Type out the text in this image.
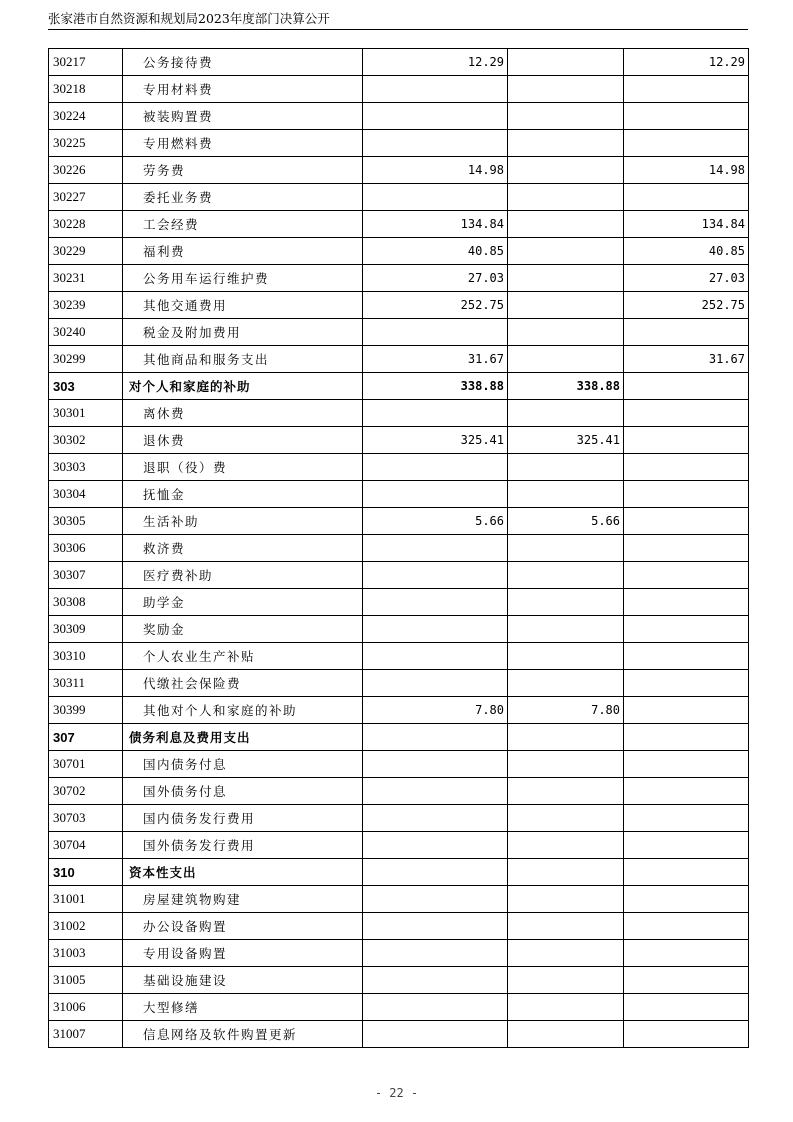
张家港市自然资源和规划局2023年度部门决算公开
30217	公务接待费	12.29		12.29
30218	专用材料费			
30224	被装购置费			
30225	专用燃料费			
30226	劳务费	14.98		14.98
30227	委托业务费			
30228	工会经费	134.84		134.84
30229	福利费	40.85		40.85
30231	公务用车运行维护费	27.03		27.03
30239	其他交通费用	252.75		252.75
30240	税金及附加费用			
30299	其他商品和服务支出	31.67		31.67
303	对个人和家庭的补助	338.88	338.88	
30301	离休费			
30302	退休费	325.41	325.41	
30303	退职（役）费			
30304	抚恤金			
30305	生活补助	5.66	5.66	
30306	救济费			
30307	医疗费补助			
30308	助学金			
30309	奖励金			
30310	个人农业生产补贴			
30311	代缴社会保险费			
30399	其他对个人和家庭的补助	7.80	7.80	
307	债务利息及费用支出			
30701	国内债务付息			
30702	国外债务付息			
30703	国内债务发行费用			
30704	国外债务发行费用			
310	资本性支出			
31001	房屋建筑物购建			
31002	办公设备购置			
31003	专用设备购置			
31005	基础设施建设			
31006	大型修缮			
31007	信息网络及软件购置更新			
- 22 -
